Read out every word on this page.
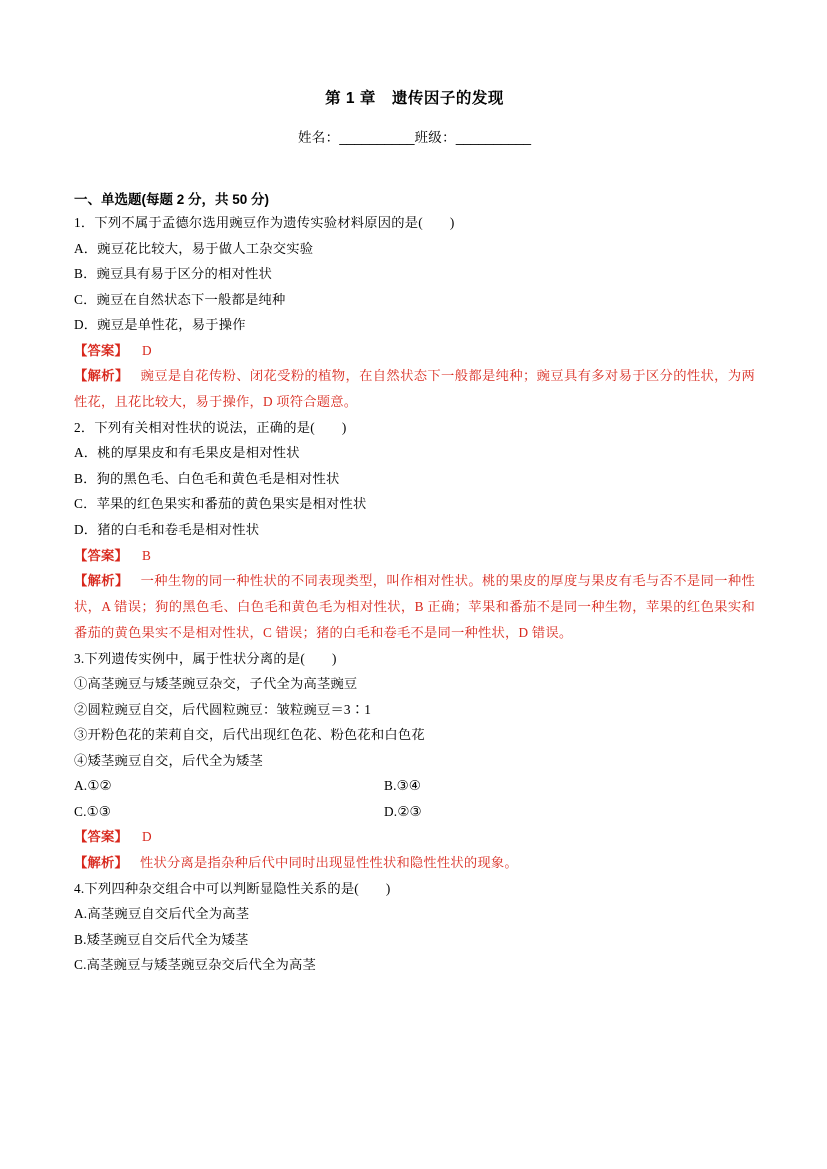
第 1 章　遗传因子的发现
姓名：__________班级：__________
一、单选题(每题 2 分，共 50 分)
1．下列不属于孟德尔选用豌豆作为遗传实验材料原因的是(　　)
A．豌豆花比较大，易于做人工杂交实验
B．豌豆具有易于区分的相对性状
C．豌豆在自然状态下一般都是纯种
D．豌豆是单性花，易于操作
【答案】 D
【解析】 豌豆是自花传粉、闭花受粉的植物，在自然状态下一般都是纯种；豌豆具有多对易于区分的性状，为两性花，且花比较大，易于操作，D 项符合题意。
2．下列有关相对性状的说法，正确的是(　　)
A．桃的厚果皮和有毛果皮是相对性状
B．狗的黑色毛、白色毛和黄色毛是相对性状
C．苹果的红色果实和番茄的黄色果实是相对性状
D．猪的白毛和卷毛是相对性状
【答案】 B
【解析】 一种生物的同一种性状的不同表现类型，叫作相对性状。桃的果皮的厚度与果皮有毛与否不是同一种性状，A 错误；狗的黑色毛、白色毛和黄色毛为相对性状，B 正确；苹果和番茄不是同一种生物，苹果的红色果实和番茄的黄色果实不是相对性状，C 错误；猪的白毛和卷毛不是同一种性状，D 错误。
3.下列遗传实例中，属于性状分离的是(　　)
①高茎豌豆与矮茎豌豆杂交，子代全为高茎豌豆
②圆粒豌豆自交，后代圆粒豌豆：皱粒豌豆＝3∶1
③开粉色花的茉莉自交，后代出现红色花、粉色花和白色花
④矮茎豌豆自交，后代全为矮茎
A.①②	B.③④
C.①③	D.②③
【答案】 D
【解析】 性状分离是指杂种后代中同时出现显性性状和隐性性状的现象。
4.下列四种杂交组合中可以判断显隐性关系的是(　　)
A.高茎豌豆自交后代全为高茎
B.矮茎豌豆自交后代全为矮茎
C.高茎豌豆与矮茎豌豆杂交后代全为高茎
